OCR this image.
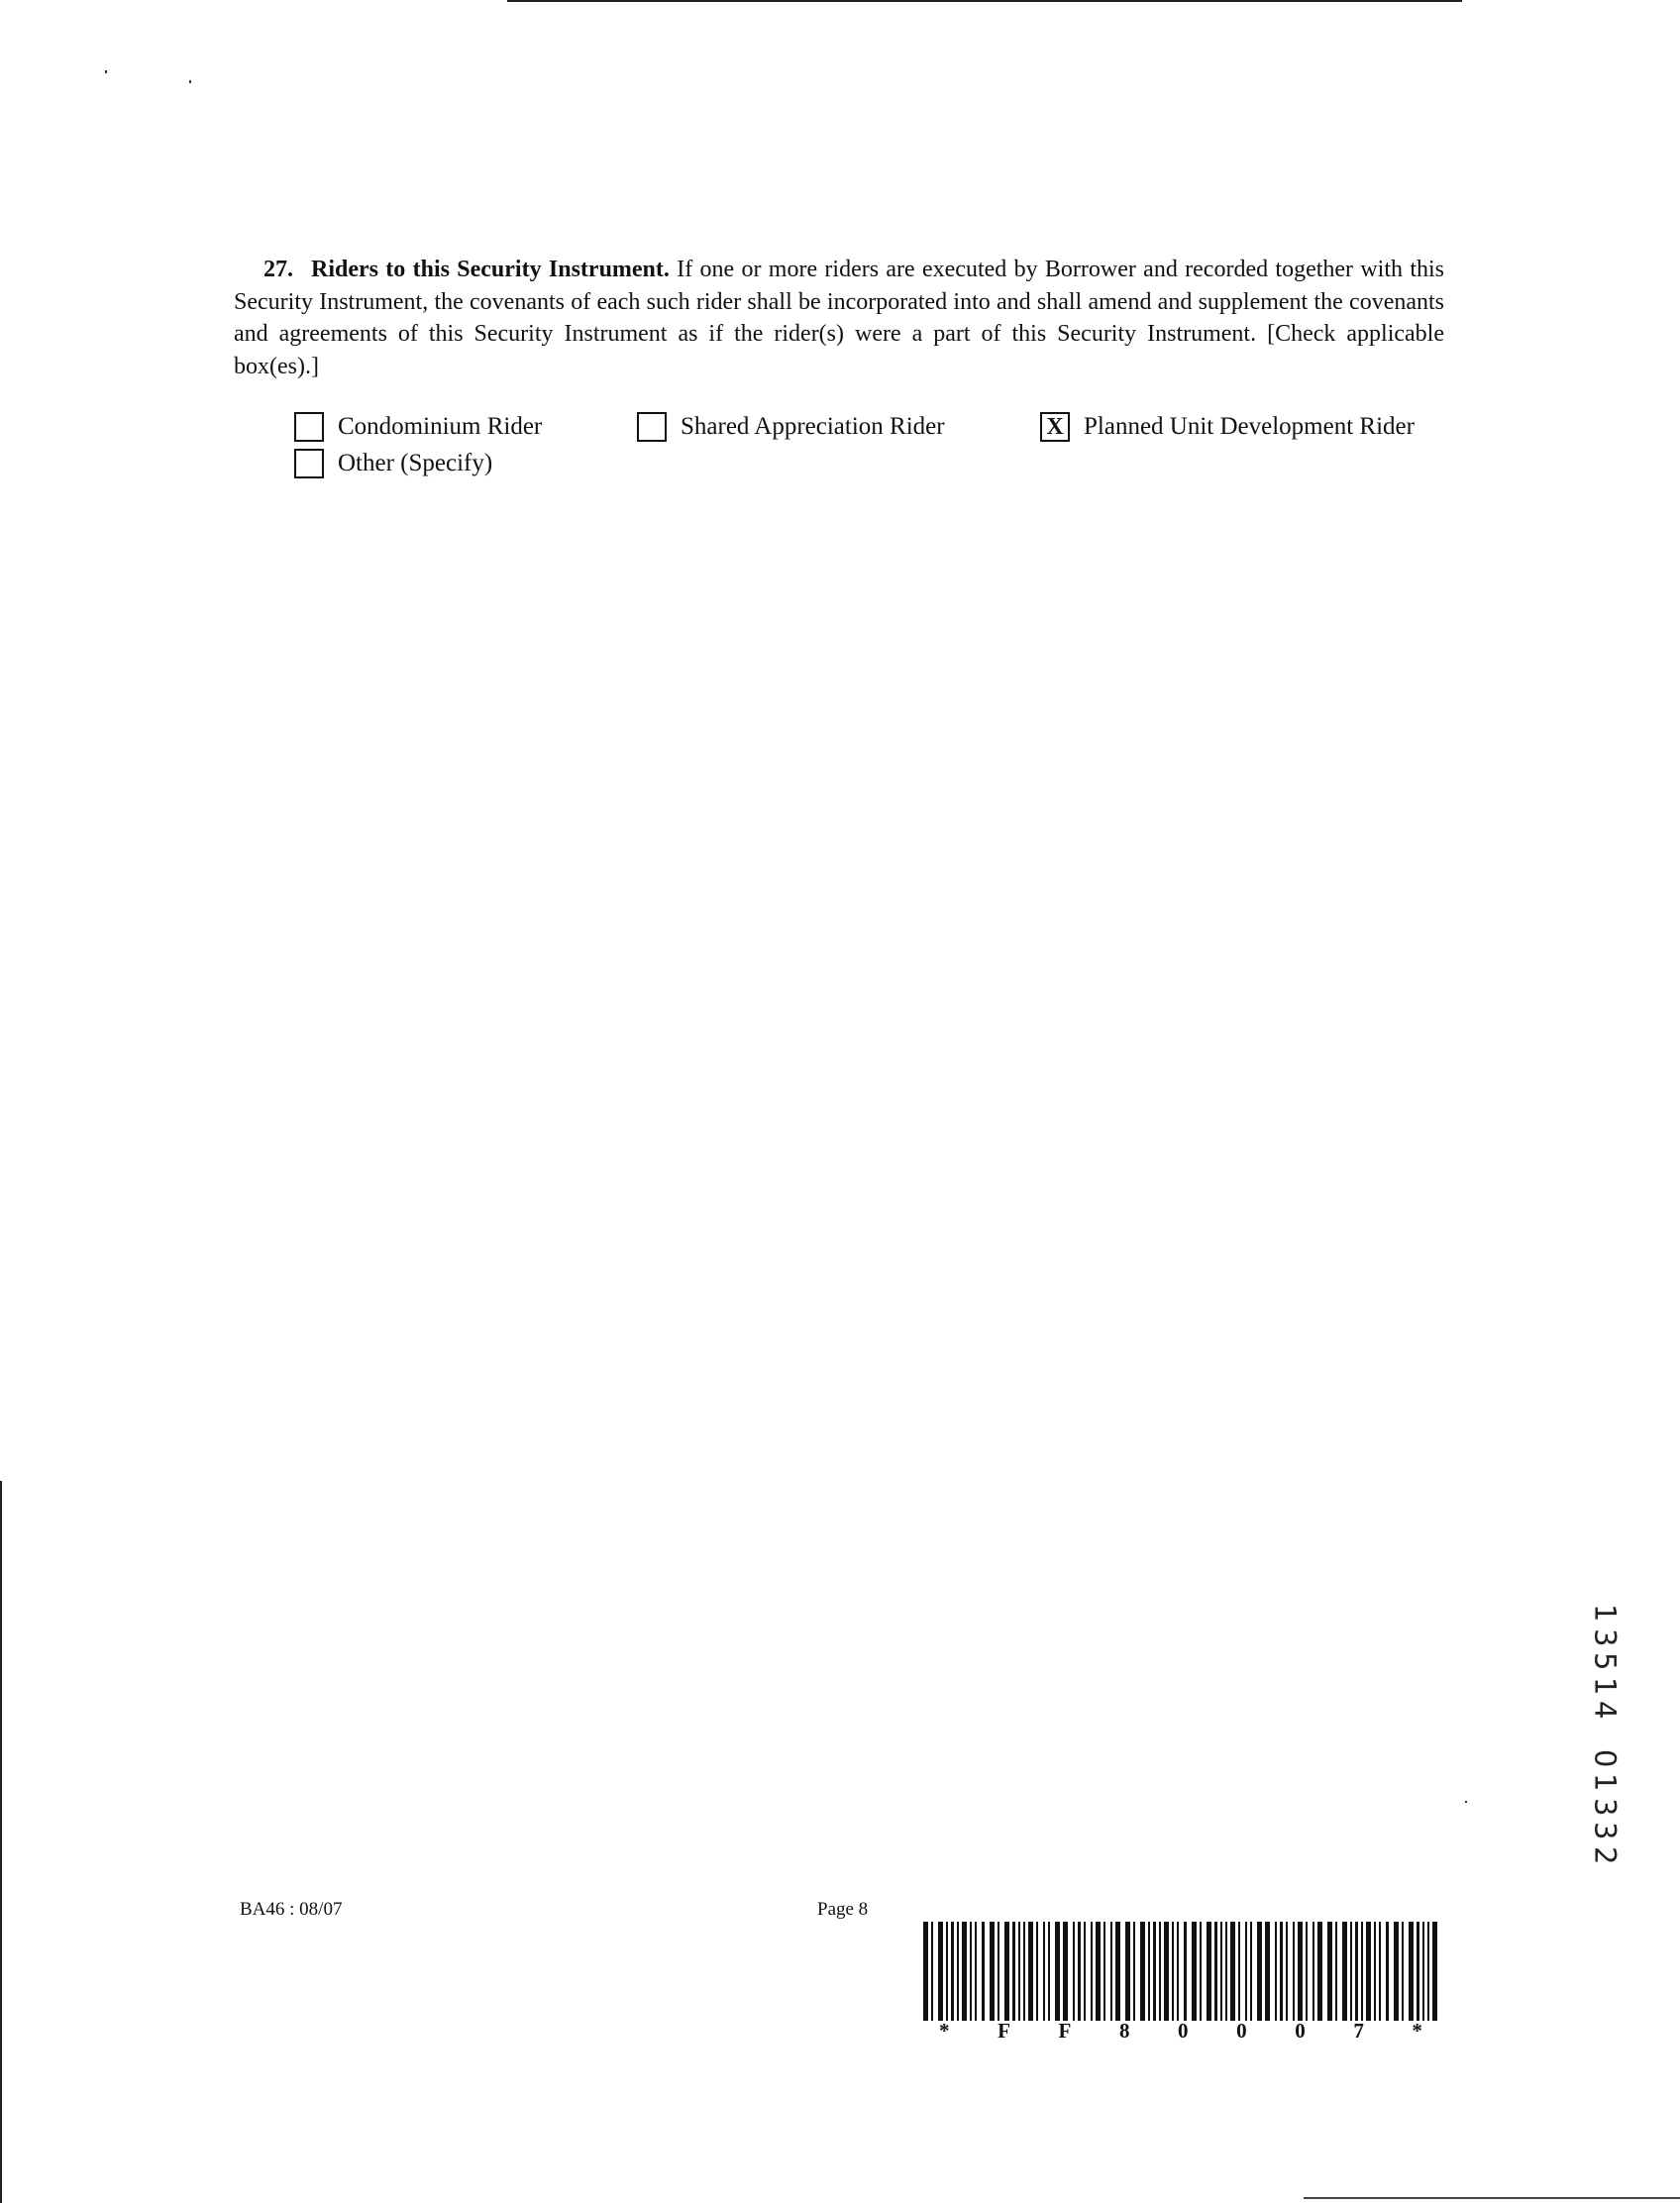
27. Riders to this Security Instrument. If one or more riders are executed by Borrower and recorded together with this Security Instrument, the covenants of each such rider shall be incorporated into and shall amend and supplement the covenants and agreements of this Security Instrument as if the rider(s) were a part of this Security Instrument. [Check applicable box(es).]
Condominium Rider	Shared Appreciation Rider	X Planned Unit Development Rider
Other (Specify)
BA46 : 08/07	Page 8
* F F 8 0 0 0 7 *
1
3
5
1
4
0
1
3
3
2
